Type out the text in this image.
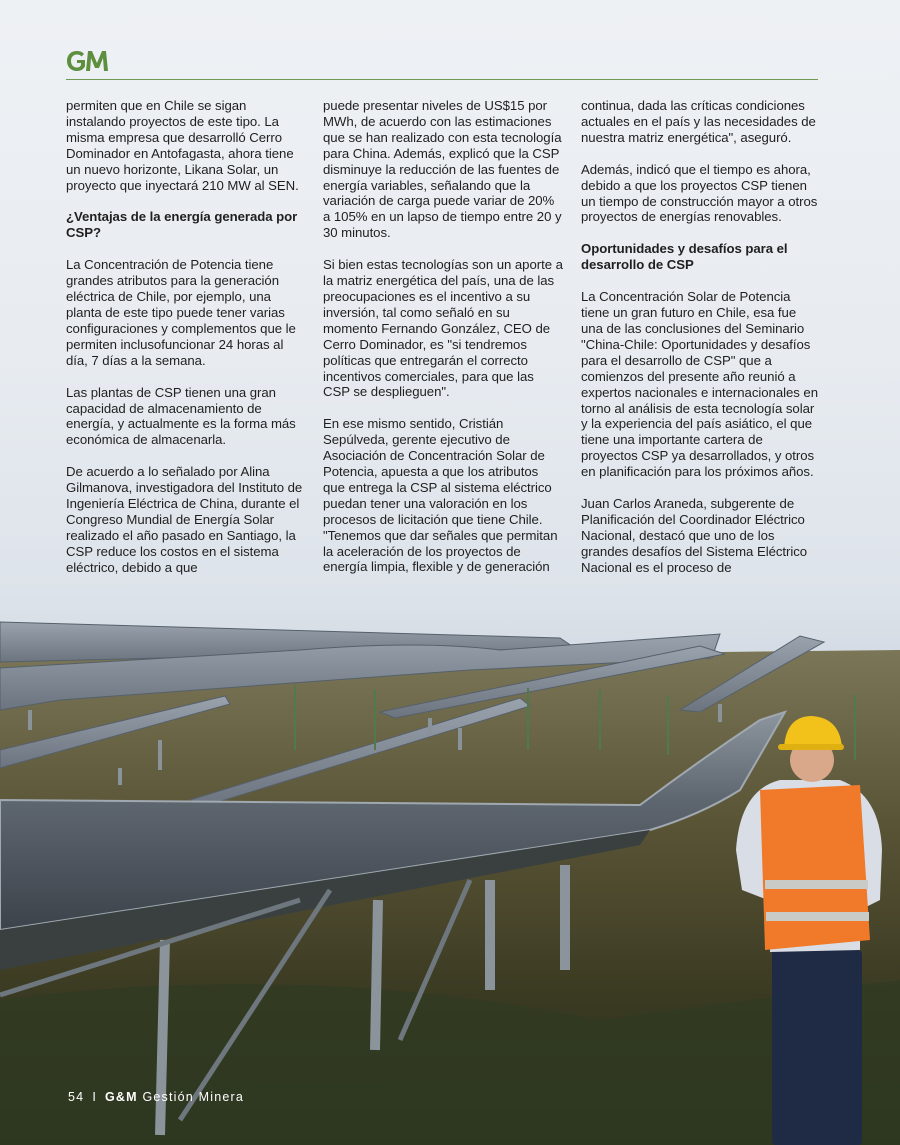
permiten que en Chile se sigan instalando proyectos de este tipo. La misma empresa que desarrolló Cerro Dominador en Antofagasta, ahora tiene un nuevo horizonte, Likana Solar, un proyecto que inyectará 210 MW al SEN.

¿Ventajas de la energía generada por CSP?

La Concentración de Potencia tiene grandes atributos para la generación eléctrica de Chile, por ejemplo, una planta de este tipo puede tener varias configuraciones y complementos que le permiten inclusofuncionar 24 horas al día, 7 días a la semana.

Las plantas de CSP tienen una gran capacidad de almacenamiento de energía, y actualmente es la forma más económica de almacenarla.

De acuerdo a lo señalado por Alina Gilmanova, investigadora del Instituto de Ingeniería Eléctrica de China, durante el Congreso Mundial de Energía Solar realizado el año pasado en Santiago, la CSP reduce los costos en el sistema eléctrico, debido a que

puede presentar niveles de US$15 por MWh, de acuerdo con las estimaciones que se han realizado con esta tecnología para China. Además, explicó que la CSP disminuye la reducción de las fuentes de energía variables, señalando que la variación de carga puede variar de 20% a 105% en un lapso de tiempo entre 20 y 30 minutos.

Si bien estas tecnologías son un aporte a la matriz energética del país, una de las preocupaciones es el incentivo a su inversión, tal como señaló en su momento Fernando González, CEO de Cerro Dominador, es "si tendremos políticas que entregarán el correcto incentivos comerciales, para que las CSP se desplieguen".

En ese mismo sentido, Cristián Sepúlveda, gerente ejecutivo de Asociación de Concentración Solar de Potencia, apuesta a que los atributos que entrega la CSP al sistema eléctrico puedan tener una valoración en los procesos de licitación que tiene Chile. "Tenemos que dar señales que permitan la aceleración de los proyectos de energía limpia, flexible y de generación

continua, dada las críticas condiciones actuales en el país y las necesidades de nuestra matriz energética", aseguró.

Además, indicó que el tiempo es ahora, debido a que los proyectos CSP tienen un tiempo de construcción mayor a otros proyectos de energías renovables.

Oportunidades y desafíos para el desarrollo de CSP

La Concentración Solar de Potencia tiene un gran futuro en Chile, esa fue una de las conclusiones del Seminario "China-Chile: Oportunidades y desafíos para el desarrollo de CSP" que a comienzos del presente año reunió a expertos nacionales e internacionales en torno al análisis de esta tecnología solar y la experiencia del país asiático, el que tiene una importante cartera de proyectos CSP ya desarrollados, y otros en planificación para los próximos años.

Juan Carlos Araneda, subgerente de Planificación del Coordinador Eléctrico Nacional, destacó que uno de los grandes desafíos del Sistema Eléctrico Nacional es el proceso de

54 I G&M Gestión Minera
